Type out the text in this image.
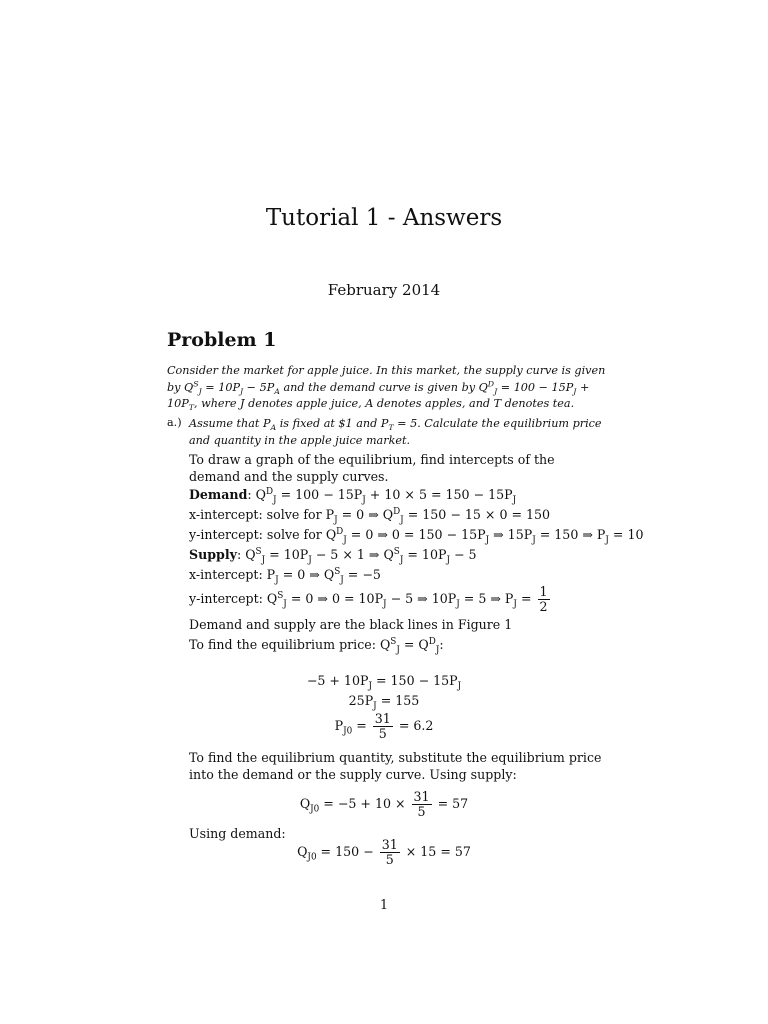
Tutorial 1 - Answers
February 2014
Problem 1
Consider the market for apple juice. In this market, the supply curve is given by $Q^S_J = 10P_J - 5P_A$ and the demand curve is given by $Q^D_J = 100 - 15P_J + 10P_T$, where J denotes apple juice, A denotes apples, and T denotes tea.
a.) Assume that $P_A$ is fixed at $1 and $P_T = 5$. Calculate the equilibrium price and quantity in the apple juice market.
To draw a graph of the equilibrium, find intercepts of the demand and the supply curves.
Demand: $Q^D_J = 100 - 15P_J + 10 \times 5 = 150 - 15P_J$
x-intercept: solve for $P_J = 0$ ⇒ $Q^D_J = 150 - 15 \times 0 = 150$
y-intercept: solve for $Q^D_J = 0$ ⇒ $0 = 150 - 15P_J$ ⇒ $15P_J = 150$ ⇒ $P_J = 10$
Supply: $Q^S_J = 10P_J - 5 \times 1$ ⇒ $Q^S_J = 10P_J - 5$
x-intercept: $P_J = 0$ ⇒ $Q^S_J = -5$
y-intercept: $Q^S_J = 0$ ⇒ $0 = 10P_J - 5$ ⇒ $10P_J = 5$ ⇒ $P_J = \frac{1}{2}$
Demand and supply are the black lines in Figure 1
To find the equilibrium price: $Q^S_J = Q^D_J$:
$-5 + 10P_J = 150 - 15P_J$
$25P_J = 155$
$P_{J0} = \frac{31}{5} = 6.2$
To find the equilibrium quantity, substitute the equilibrium price into the demand or the supply curve. Using supply:
$Q_{J0} = -5 + 10 \times \frac{31}{5} = 57$
Using demand:
$Q_{J0} = 150 - \frac{31}{5} \times 15 = 57$
1
